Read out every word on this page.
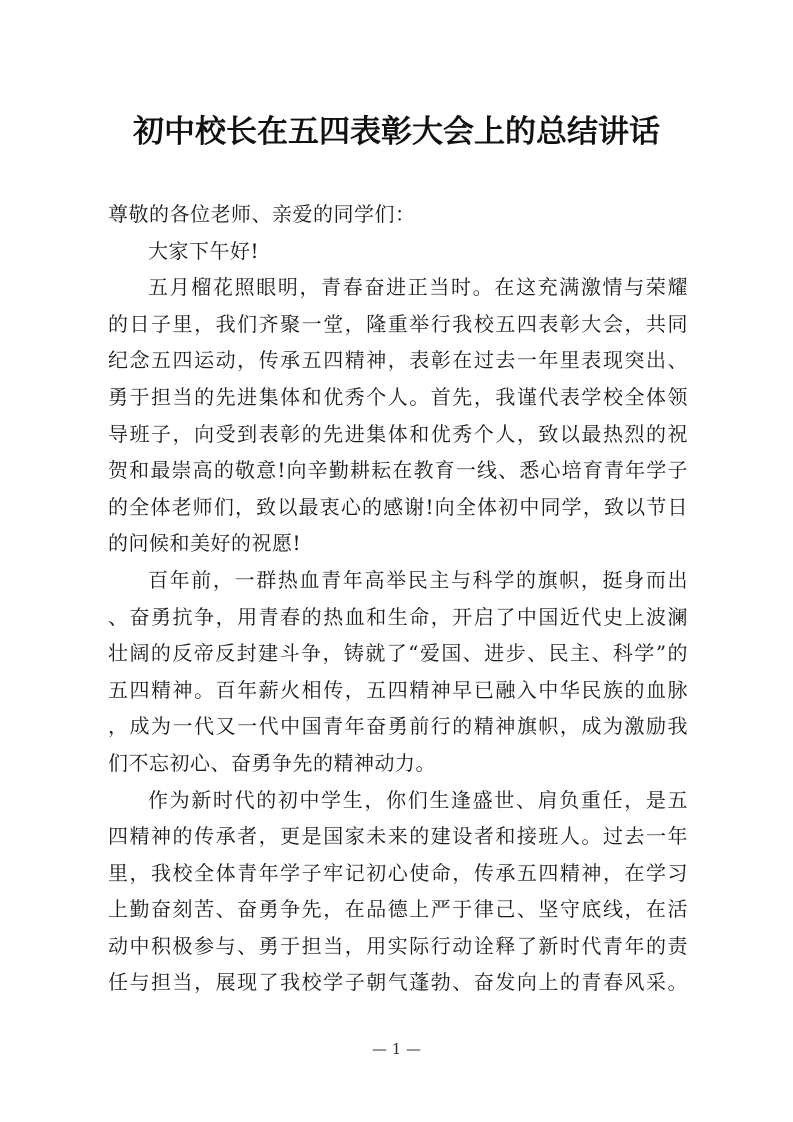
初中校长在五四表彰大会上的总结讲话
尊敬的各位老师、亲爱的同学们：
大家下午好!
五月榴花照眼明，青春奋进正当时。在这充满激情与荣耀
的日子里，我们齐聚一堂，隆重举行我校五四表彰大会，共同
纪念五四运动，传承五四精神，表彰在过去一年里表现突出、
勇于担当的先进集体和优秀个人。首先，我谨代表学校全体领
导班子，向受到表彰的先进集体和优秀个人，致以最热烈的祝
贺和最崇高的敬意!向辛勤耕耘在教育一线、悉心培育青年学子
的全体老师们，致以最衷心的感谢!向全体初中同学，致以节日
的问候和美好的祝愿!
百年前，一群热血青年高举民主与科学的旗帜，挺身而出
、奋勇抗争，用青春的热血和生命，开启了中国近代史上波澜
壮阔的反帝反封建斗争，铸就了“爱国、进步、民主、科学”的
五四精神。百年薪火相传，五四精神早已融入中华民族的血脉
，成为一代又一代中国青年奋勇前行的精神旗帜，成为激励我
们不忘初心、奋勇争先的精神动力。
作为新时代的初中学生，你们生逢盛世、肩负重任，是五
四精神的传承者，更是国家未来的建设者和接班人。过去一年
里，我校全体青年学子牢记初心使命，传承五四精神，在学习
上勤奋刻苦、奋勇争先，在品德上严于律己、坚守底线，在活
动中积极参与、勇于担当，用实际行动诠释了新时代青年的责
任与担当，展现了我校学子朝气蓬勃、奋发向上的青春风采。
— 1 —
